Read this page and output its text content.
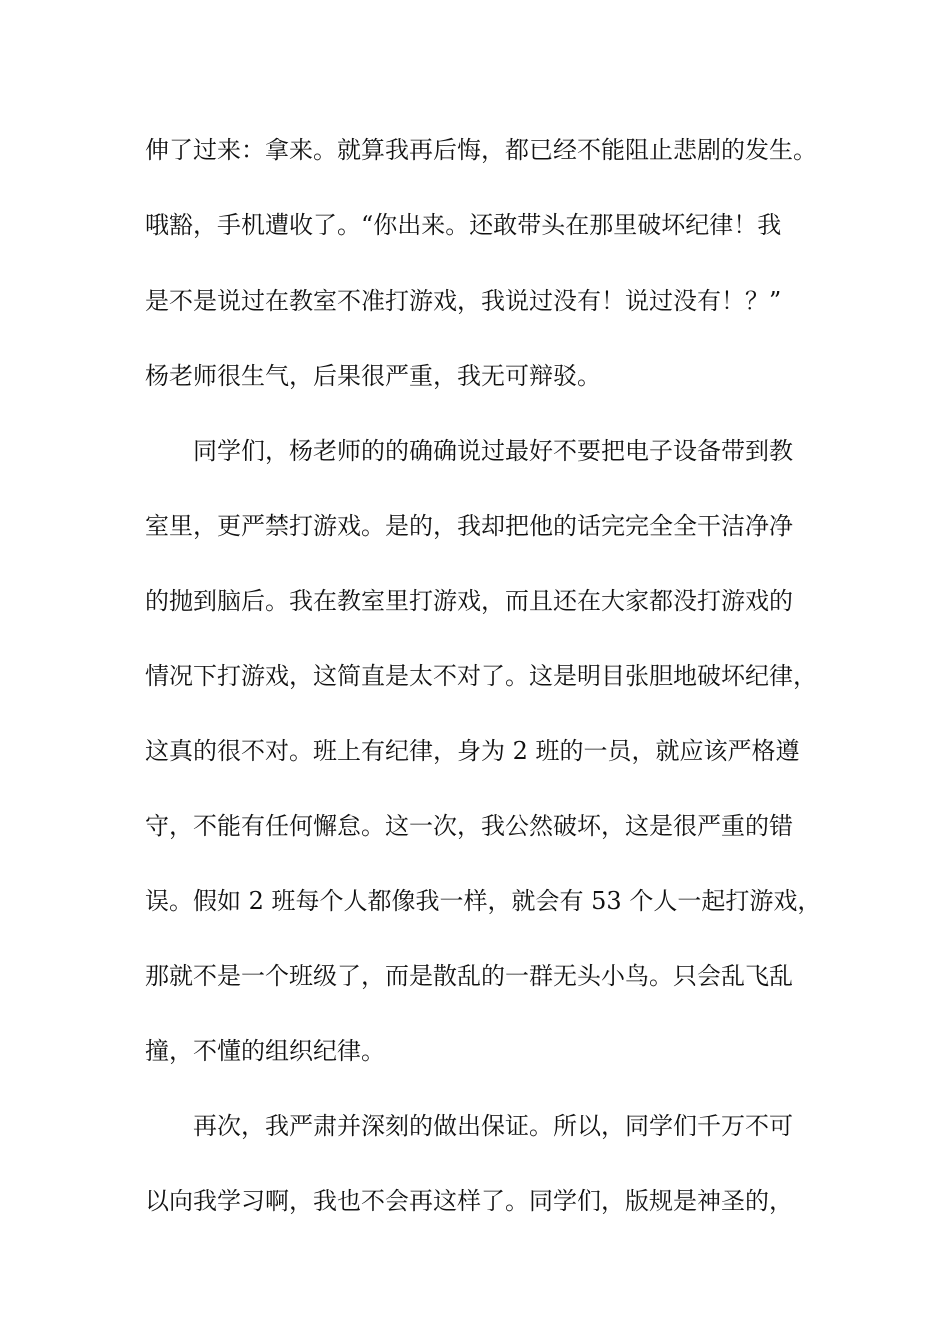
伸了过来：拿来。就算我再后悔，都已经不能阻止悲剧的发生。
哦豁，手机遭收了。“你出来。还敢带头在那里破坏纪律！我
是不是说过在教室不准打游戏，我说过没有！说过没有！？”
杨老师很生气，后果很严重，我无可辩驳。
同学们，杨老师的的确确说过最好不要把电子设备带到教
室里，更严禁打游戏。是的，我却把他的话完完全全干洁净净
的抛到脑后。我在教室里打游戏，而且还在大家都没打游戏的
情况下打游戏，这简直是太不对了。这是明目张胆地破坏纪律，
这真的很不对。班上有纪律，身为 2 班的一员，就应该严格遵
守，不能有任何懈怠。这一次，我公然破坏，这是很严重的错
误。假如 2 班每个人都像我一样，就会有 53 个人一起打游戏，
那就不是一个班级了，而是散乱的一群无头小鸟。只会乱飞乱
撞，不懂的组织纪律。
再次，我严肃并深刻的做出保证。所以，同学们千万不可
以向我学习啊，我也不会再这样了。同学们，版规是神圣的，
